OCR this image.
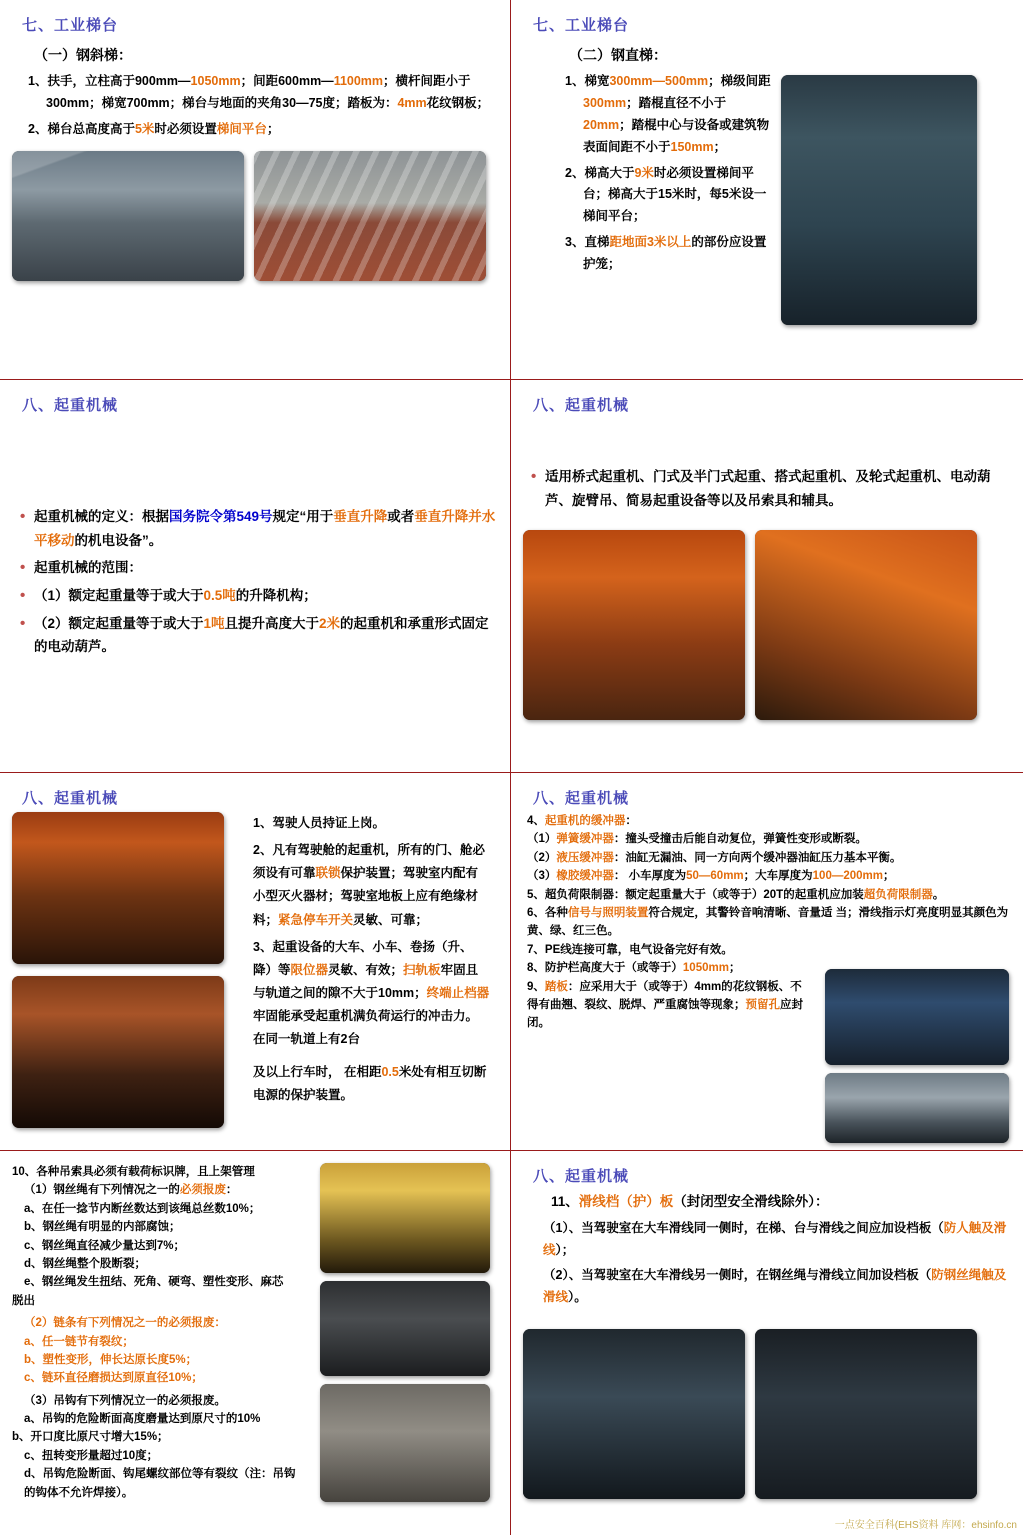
七、工业梯台
（一）钢斜梯：
1、扶手，立柱高于900mm—1050mm；间距600mm—1100mm；横杆间距小于300mm；梯宽700mm；梯台与地面的夹角30—75度；踏板为：4mm花纹钢板；
2、梯台总高度高于5米时必须设置梯间平台；
七、工业梯台
（二）钢直梯：
1、梯宽300mm—500mm；梯级间距300mm；踏棍直径不小于20mm；踏棍中心与设备或建筑物表面间距不小于150mm；
2、梯高大于9米时必须设置梯间平台；梯高大于15米时，每5米设一梯间平台；
3、直梯距地面3米以上的部份应设置护笼；
八、起重机械
• 起重机械的定义：根据国务院令第549号规定“用于垂直升降或者垂直升降并水平移动的机电设备”。
• 起重机械的范围：
• （1）额定起重量等于或大于0.5吨的升降机构；
• （2）额定起重量等于或大于1吨且提升高度大于2米的起重机和承重形式固定的电动葫芦。
八、起重机械
• 适用桥式起重机、门式及半门式起重、搭式起重机、及轮式起重机、电动葫芦、旋臂吊、简易起重设备等以及吊索具和辅具。
八、起重机械
1、驾驶人员持证上岗。
2、凡有驾驶舱的起重机，所有的门、舱必须设有可靠联锁保护装置；驾驶室内配有小型灭火器材；驾驶室地板上应有绝缘材料；紧急停车开关灵敏、可靠；
3、起重设备的大车、小车、卷扬（升、降）等限位器灵敏、有效；扫轨板牢固且与轨道之间的隙不大于10mm；终端止档器牢固能承受起重机满负荷运行的冲击力。在同一轨道上有2台
及以上行车时， 在相距0.5米处有相互切断电源的保护装置。
八、起重机械
4、起重机的缓冲器：
（1）弹簧缓冲器：撞头受撞击后能自动复位，弹簧性变形或断裂。
（2）液压缓冲器：油缸无漏油、同一方向两个缓冲器油缸压力基本平衡。
（3）橡胶缓冲器： 小车厚度为50—60mm；大车厚度为100—200mm；
5、超负荷限制器：额定起重量大于（或等于）20T的起重机应加装超负荷限制器。
6、各种信号与照明装置符合规定，其警铃音响清晰、音量适 当；滑线指示灯亮度明显其颜色为黄、绿、红三色。
7、PE线连接可靠，电气设备完好有效。
8、防护栏高度大于（或等于）1050mm；
9、踏板：应采用大于（或等于）4mm的花纹钢板、不得有曲翘、裂纹、脱焊、严重腐蚀等现象；预留孔应封闭。
10、各种吊索具必须有载荷标识牌，且上架管理
（1）钢丝绳有下列情况之一的必须报废：
a、在任一捻节内断丝数达到该绳总丝数10%；
b、钢丝绳有明显的内部腐蚀；
c、钢丝绳直径减少量达到7%；
d、钢丝绳整个股断裂；
e、钢丝绳发生扭结、死角、硬弯、塑性变形、麻芯
脱出
（2）链条有下列情况之一的必须报废：
a、任一链节有裂纹；
b、塑性变形，伸长达原长度5%；
c、链环直径磨损达到原直径10%；
（3）吊钩有下列情况立一的必须报废。
a、吊钩的危险断面高度磨量达到原尺寸的10%
b、开口度比原尺寸增大15%；
c、扭转变形量超过10度；
d、吊钩危险断面、钩尾螺纹部位等有裂纹（注：吊钩
的钩体不允许焊接）。
八、起重机械
11、滑线档（护）板（封闭型安全滑线除外）：
（1）、当驾驶室在大车滑线同一侧时，在梯、台与滑线之间应加设档板（防人触及滑线）；
（2）、当驾驶室在大车滑线另一侧时，在钢丝绳与滑线立间加设档板（防钢丝绳触及滑线）。
一点安全百科(EHS资料 库网：ehsinfo.cn
